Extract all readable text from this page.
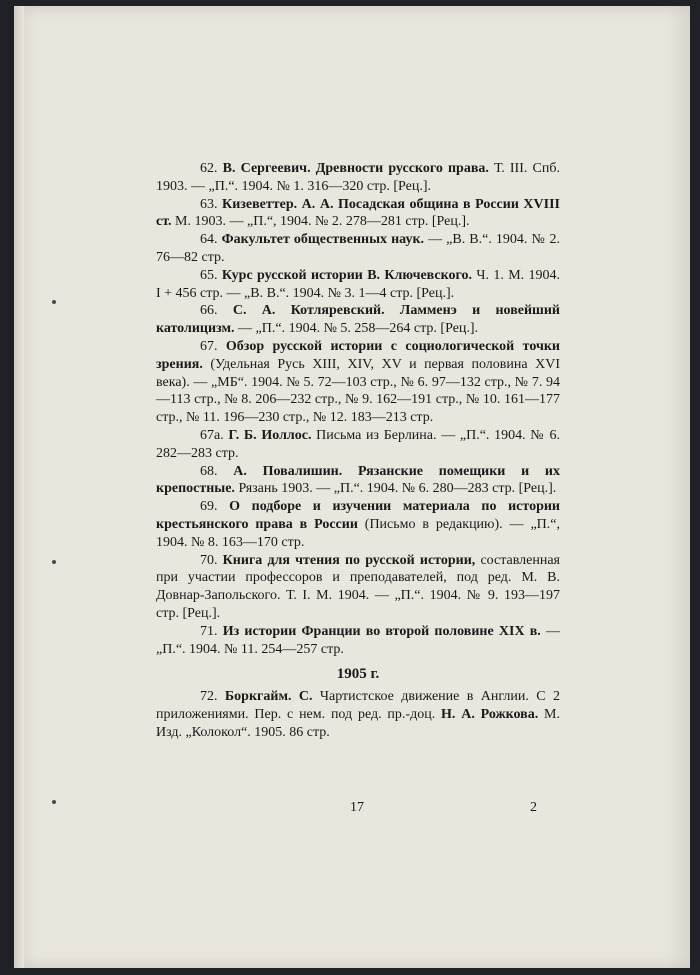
62. В. Сергеевич. Древности русского права. Т. III. Спб. 1903. — „П.“. 1904. № 1. 316—320 стр. [Рец.].

63. Кизеветтер. А. А. Посадская община в России XVIII ст. М. 1903. — „П.“, 1904. № 2. 278—281 стр. [Рец.].

64. Факультет общественных наук. — „В. В.“. 1904. № 2. 76—82 стр.

65. Курс русской истории В. Ключевского. Ч. 1. М. 1904. I + 456 стр. — „В. В.“. 1904. № 3. 1—4 стр. [Рец.].

66. С. А. Котляревский. Ламменэ и новейший католицизм. — „П.“. 1904. № 5. 258—264 стр. [Рец.].

67. Обзор русской истории с социологической точки зрения. (Удельная Русь XIII, XIV, XV и первая половина XVI века). — „МБ“. 1904. № 5. 72—103 стр., № 6. 97—132 стр., № 7. 94—113 стр., № 8. 206—232 стр., № 9. 162—191 стр., № 10. 161—177 стр., № 11. 196—230 стр., № 12. 183—213 стр.

67а. Г. Б. Иоллос. Письма из Берлина. — „П.“. 1904. № 6. 282—283 стр.

68. А. Повалишин. Рязанские помещики и их крепостные. Рязань 1903. — „П.“. 1904. № 6. 280—283 стр. [Рец.].

69. О подборе и изучении материала по истории крестьянского права в России (Письмо в редакцию). — „П.“, 1904. № 8. 163—170 стр.

70. Книга для чтения по русской истории, составленная при участии профессоров и преподавателей, под ред. М. В. Довнар-Запольского. Т. I. М. 1904. — „П.“. 1904. № 9. 193—197 стр. [Рец.].

71. Из истории Франции во второй половине XIX в. — „П.“. 1904. № 11. 254—257 стр.

1905 г.

72. Боркгайм. С. Чартистское движение в Англии. С 2 приложениями. Пер. с нем. под ред. пр.-доц. Н. А. Рожкова. М. Изд. „Колокол“. 1905. 86 стр.

17	2
